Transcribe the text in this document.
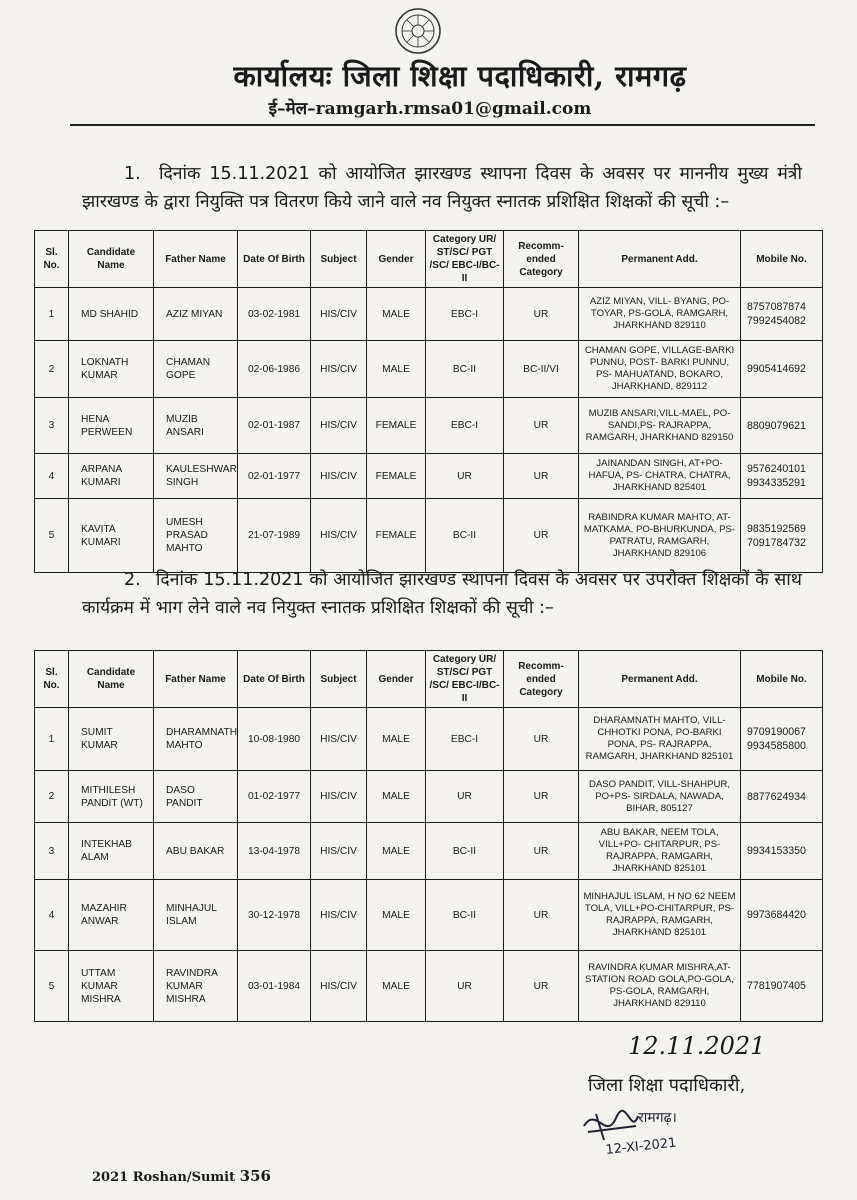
कार्यालयः जिला शिक्षा पदाधिकारी, रामगढ़
ई–मेल–ramgarh.rmsa01@gmail.com
1. दिनांक 15.11.2021 को आयोजित झारखण्ड स्थापना दिवस के अवसर पर माननीय मुख्य मंत्री झारखण्ड के द्वारा नियुक्ति पत्र वितरण किये जाने वाले नव नियुक्त स्नातक प्रशिक्षित शिक्षकों की सूची :–
Sl. No.	Candidate Name	Father Name	Date Of Birth	Subject	Gender	Category UR/ ST/SC/ PGT /SC/ EBC-I/BC-II	Recomm-ended Category	Permanent Add.	Mobile No.
1	MD SHAHID	AZIZ MIYAN	03-02-1981	HIS/CIV	MALE	EBC-I	UR	AZIZ MIYAN, VILL- BYANG, PO-TOYAR, PS-GOLA, RAMGARH, JHARKHAND 829110	8757087874 7992454082
2	LOKNATH KUMAR	CHAMAN GOPE	02-06-1986	HIS/CIV	MALE	BC-II	BC-II/VI	CHAMAN GOPE, VILLAGE-BARKI PUNNU, POST- BARKI PUNNU, PS- MAHUATAND, BOKARO, JHARKHAND, 829112	9905414692
3	HENA PERWEEN	MUZIB ANSARI	02-01-1987	HIS/CIV	FEMALE	EBC-I	UR	MUZIB ANSARI,VILL-MAEL, PO-SANDI,PS- RAJRAPPA, RAMGARH, JHARKHAND 829150	8809079621
4	ARPANA KUMARI	KAULESHWAR SINGH	02-01-1977	HIS/CIV	FEMALE	UR	UR	JAINANDAN SINGH, AT+PO-HAFUA, PS- CHATRA, CHATRA, JHARKHAND 825401	9576240101 9934335291
5	KAVITA KUMARI	UMESH PRASAD MAHTO	21-07-1989	HIS/CIV	FEMALE	BC-II	UR	RABINDRA KUMAR MAHTO, AT- MATKAMA, PO-BHURKUNDA, PS-PATRATU, RAMGARH, JHARKHAND 829106	9835192569 7091784732
2. दिनांक 15.11.2021 को आयोजित झारखण्ड स्थापना दिवस के अवसर पर उपरोक्त शिक्षकों के साथ कार्यक्रम में भाग लेने वाले नव नियुक्त स्नातक प्रशिक्षित शिक्षकों की सूची :–
Sl. No.	Candidate Name	Father Name	Date Of Birth	Subject	Gender	Category UR/ ST/SC/ PGT /SC/ EBC-I/BC-II	Recomm-ended Category	Permanent Add.	Mobile No.
1	SUMIT KUMAR	DHARAMNATH MAHTO	10-08-1980	HIS/CIV	MALE	EBC-I	UR	DHARAMNATH MAHTO, VILL-CHHOTKI PONA, PO-BARKI PONA, PS- RAJRAPPA, RAMGARH, JHARKHAND 825101	9709190067 9934585800
2	MITHILESH PANDIT (WT)	DASO PANDIT	01-02-1977	HIS/CIV	MALE	UR	UR	DASO PANDIT, VILL-SHAHPUR, PO+PS- SIRDALA, NAWADA, BIHAR, 805127	8877624934
3	INTEKHAB ALAM	ABU BAKAR	13-04-1978	HIS/CIV	MALE	BC-II	UR	ABU BAKAR, NEEM TOLA, VILL+PO- CHITARPUR, PS-RAJRAPPA, RAMGARH, JHARKHAND 825101	9934153350
4	MAZAHIR ANWAR	MINHAJUL ISLAM	30-12-1978	HIS/CIV	MALE	BC-II	UR	MINHAJUL ISLAM, H NO 62 NEEM TOLA, VILL+PO-CHITARPUR, PS- RAJRAPPA, RAMGARH, JHARKHAND 825101	9973684420
5	UTTAM KUMAR MISHRA	RAVINDRA KUMAR MISHRA	03-01-1984	HIS/CIV	MALE	UR	UR	RAVINDRA KUMAR MISHRA,AT- STATION ROAD GOLA,PO-GOLA, PS-GOLA, RAMGARH, JHARKHAND 829110	7781907405
12.11.2021
जिला शिक्षा पदाधिकारी,
रामगढ़।
12-XI-2021
2021 Roshan/Sumit 356
